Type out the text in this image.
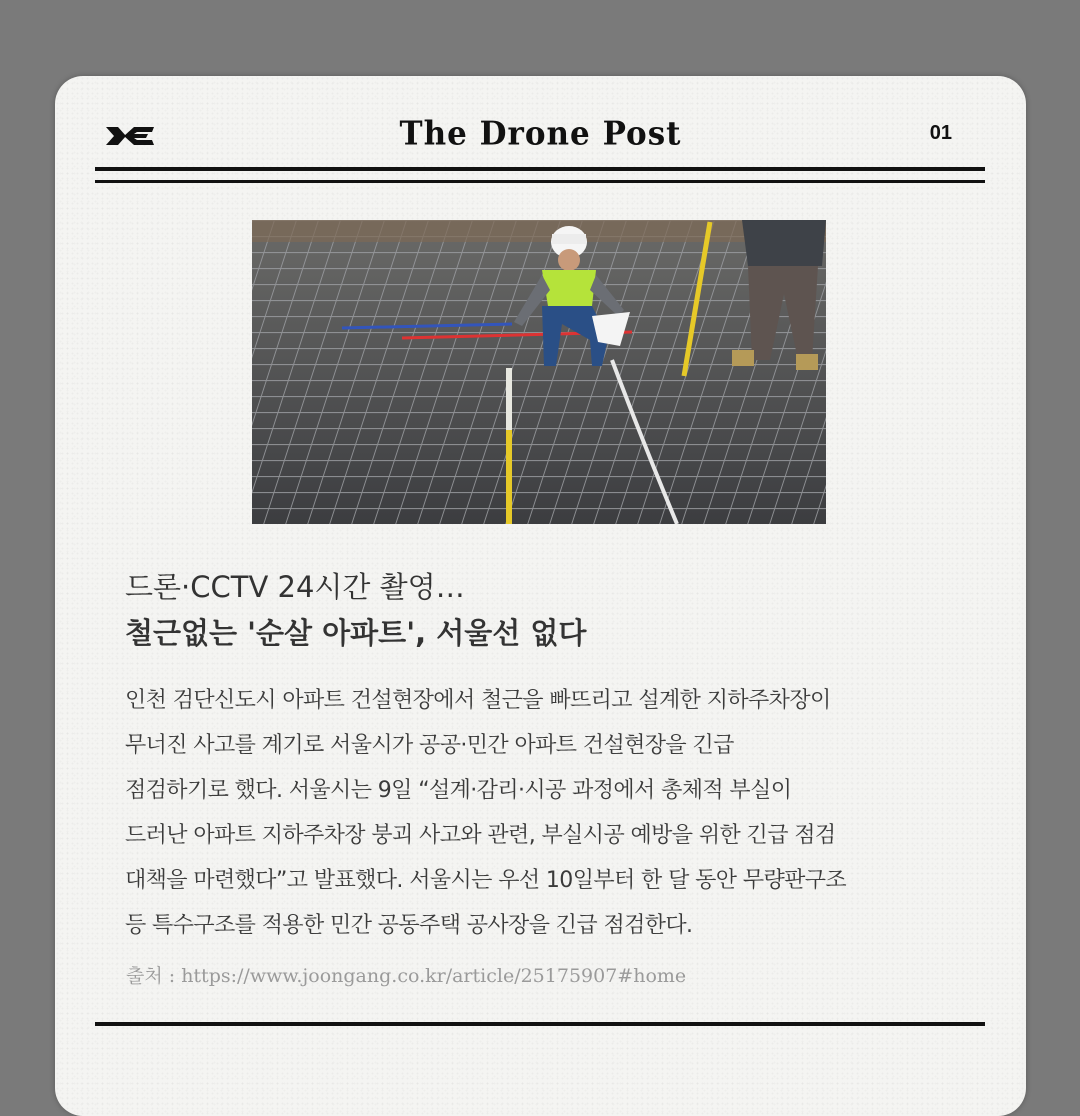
The Drone Post	01
드론·CCTV 24시간 촬영…
철근없는 '순살 아파트', 서울선 없다
인천 검단신도시 아파트 건설현장에서 철근을 빠뜨리고 설계한 지하주차장이
무너진 사고를 계기로 서울시가 공공·민간 아파트 건설현장을 긴급
점검하기로 했다. 서울시는 9일 “설계·감리·시공 과정에서 총체적 부실이
드러난 아파트 지하주차장 붕괴 사고와 관련, 부실시공 예방을 위한 긴급 점검
대책을 마련했다”고 발표했다. 서울시는 우선 10일부터 한 달 동안 무량판구조
등 특수구조를 적용한 민간 공동주택 공사장을 긴급 점검한다.
출처 : https://www.joongang.co.kr/article/25175907#home
